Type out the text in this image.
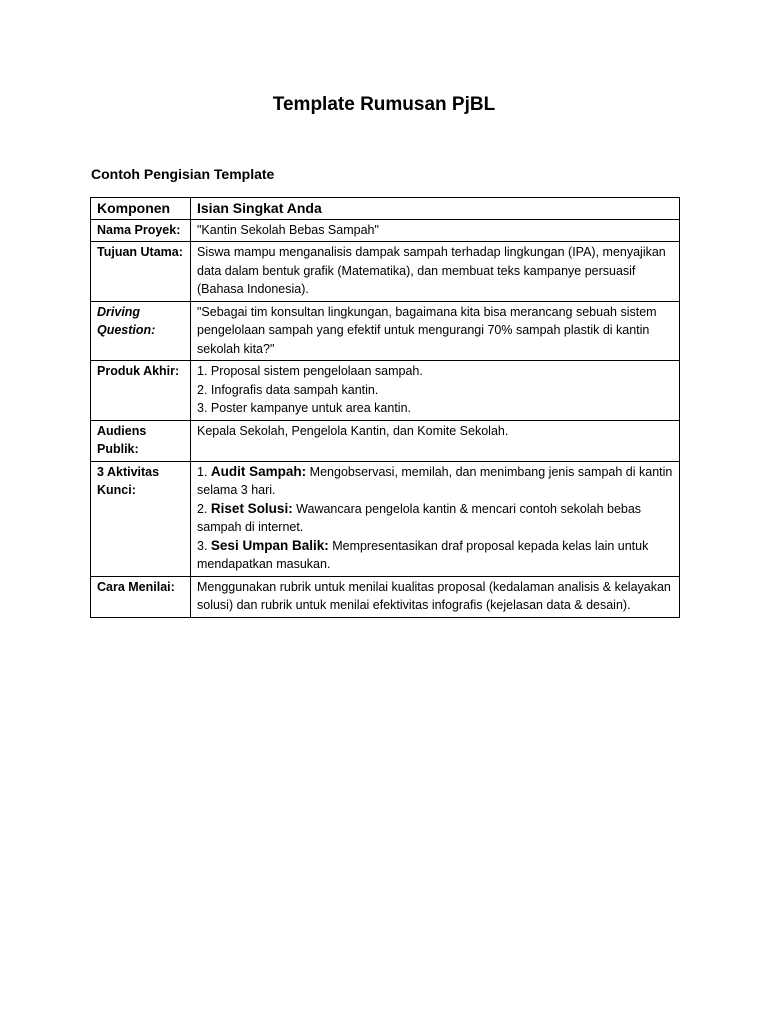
Template Rumusan PjBL
Contoh Pengisian Template
Komponen	Isian Singkat Anda
Nama Proyek:	"Kantin Sekolah Bebas Sampah"
Tujuan Utama:	Siswa mampu menganalisis dampak sampah terhadap lingkungan (IPA), menyajikan data dalam bentuk grafik (Matematika), dan membuat teks kampanye persuasif (Bahasa Indonesia).
Driving Question:	"Sebagai tim konsultan lingkungan, bagaimana kita bisa merancang sebuah sistem pengelolaan sampah yang efektif untuk mengurangi 70% sampah plastik di kantin sekolah kita?"
Produk Akhir:	1. Proposal sistem pengelolaan sampah.
2. Infografis data sampah kantin.
3. Poster kampanye untuk area kantin.

Audiens Publik:	Kepala Sekolah, Pengelola Kantin, dan Komite Sekolah.
3 Aktivitas Kunci:	1. Audit Sampah: Mengobservasi, memilah, dan menimbang jenis sampah di kantin selama 3 hari.
2. Riset Solusi: Wawancara pengelola kantin & mencari contoh sekolah bebas sampah di internet.
3. Sesi Umpan Balik: Mempresentasikan draf proposal kepada kelas lain untuk mendapatkan masukan.

Cara Menilai:	Menggunakan rubrik untuk menilai kualitas proposal (kedalaman analisis & kelayakan solusi) dan rubrik untuk menilai efektivitas infografis (kejelasan data & desain).
